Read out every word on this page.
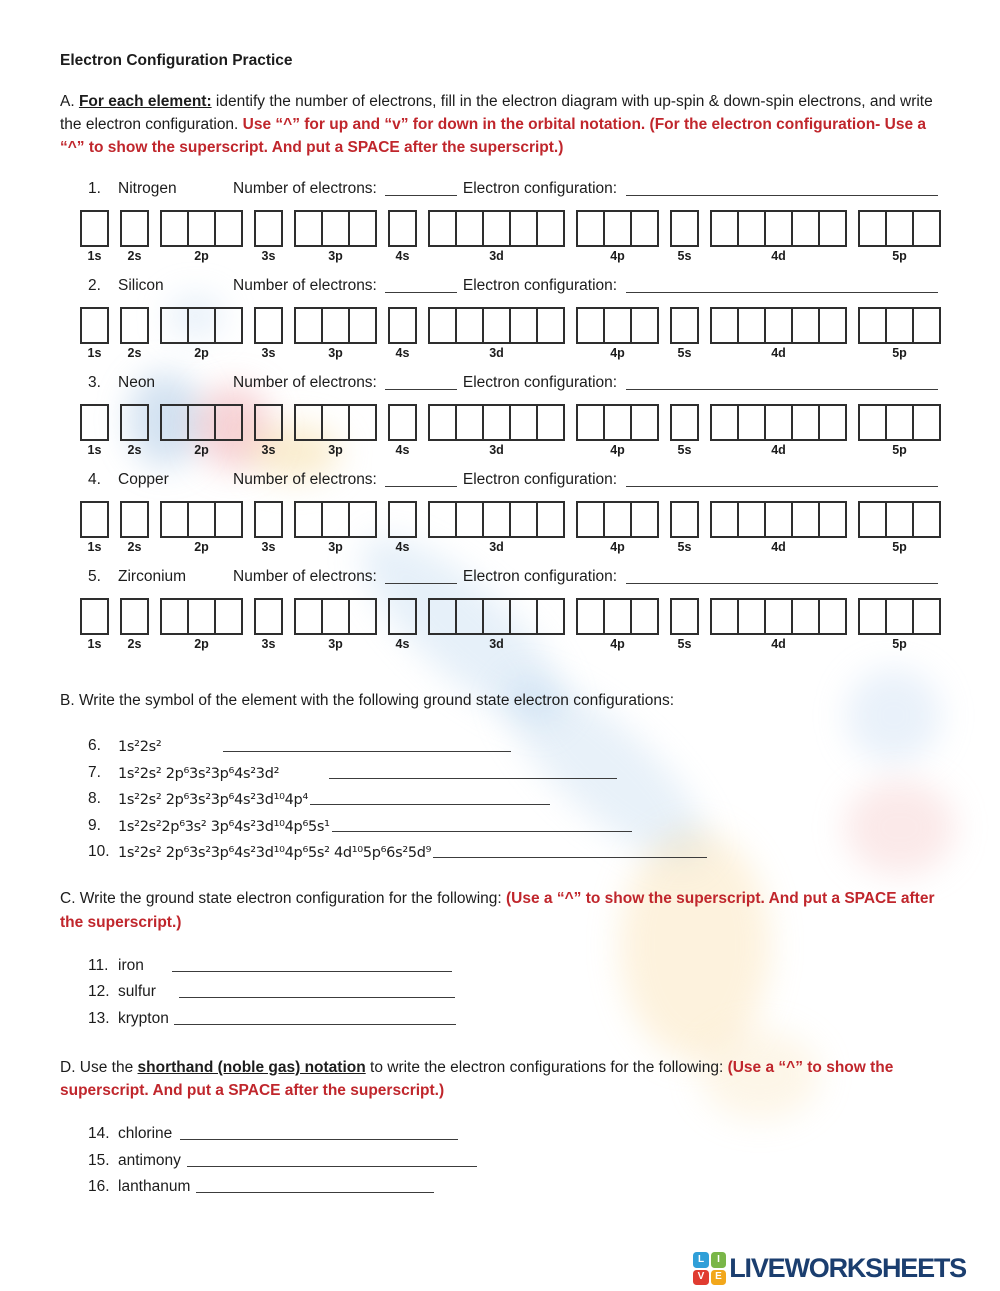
Electron Configuration Practice

A. For each element: identify the number of electrons, fill in the electron diagram with up-spin & down-spin electrons, and write the electron configuration. Use “^” for up and “v” for down in the orbital notation. (For the electron configuration- Use a “^” to show the superscript. And put a SPACE after the superscript.)

1.	Nitrogen	Number of electrons:	Electron configuration:
1s 2s	2p	3s	3p	4s	3d	4p	5s	4d	5p
2.	Silicon	Number of electrons:	Electron configuration:
1s 2s	2p	3s	3p	4s	3d	4p	5s	4d	5p
3.	Neon	Number of electrons:	Electron configuration:
1s 2s	2p	3s	3p	4s	3d	4p	5s	4d	5p
4.	Copper	Number of electrons:	Electron configuration:
1s 2s	2p	3s	3p	4s	3d	4p	5s	4d	5p
5.	Zirconium	Number of electrons:	Electron configuration:
1s 2s	2p	3s	3p	4s	3d	4p	5s	4d	5p

B. Write the symbol of the element with the following ground state electron configurations:

6.	1s²2s²
7.	1s²2s² 2p⁶3s²3p⁶4s²3d²
8.	1s²2s² 2p⁶3s²3p⁶4s²3d¹⁰4p⁴
9.	1s²2s²2p⁶3s² 3p⁶4s²3d¹⁰4p⁶5s¹
10. 1s²2s² 2p⁶3s²3p⁶4s²3d¹⁰4p⁶5s² 4d¹⁰5p⁶6s²5d⁹

C. Write the ground state electron configuration for the following: (Use a “^” to show the superscript. And put a SPACE after the superscript.)

11. iron
12. sulfur
13. krypton

D. Use the shorthand (noble gas) notation to write the electron configurations for the following: (Use a “^” to show the superscript. And put a SPACE after the superscript.)

14. chlorine
15. antimony
16. lanthanum
L	I
V	E LIVEWORKSHEETS
